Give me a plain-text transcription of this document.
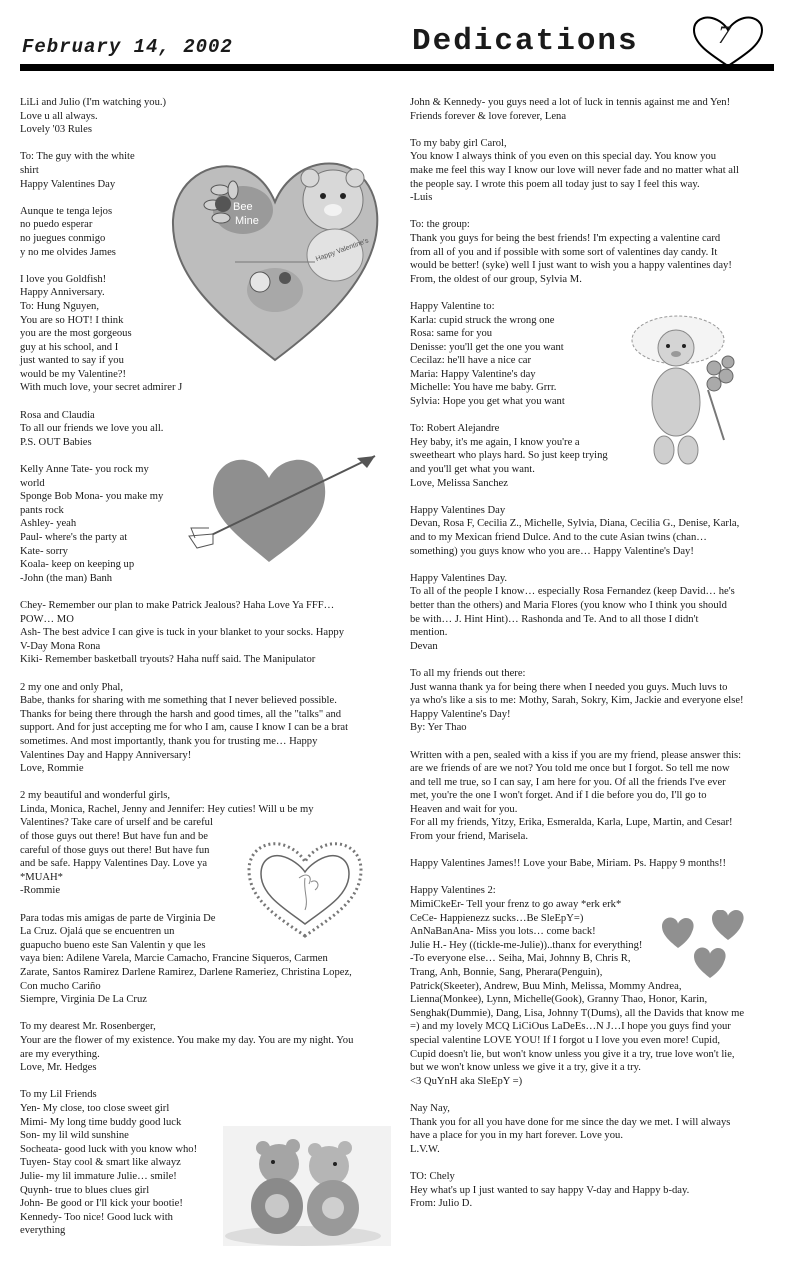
February 14, 2002	Dedications	7
LiLi and Julio (I'm watching you.)
Love u all always.
Lovely '03 Rules
To: The guy with the white
shirt
Happy Valentines Day
Aunque te tenga lejos
no puedo esperar
no juegues conmigo
y no me olvides James
I love you Goldfish!
Happy Anniversary.
To: Hung Nguyen,
You are so HOT! I think
you are the most gorgeous
guy at his school, and I
just wanted to say if you
would be my Valentine?!
With much love, your secret admirer J
Rosa and Claudia
To all our friends we love you all.
P.S. OUT Babies
Kelly Anne Tate- you rock my
world
Sponge Bob Mona- you make my
pants rock
Ashley- yeah
Paul- where's the party at
Kate- sorry
Koala- keep on keeping up
-John (the man) Banh
Chey- Remember our plan to make Patrick Jealous? Haha Love Ya FFF…
POW… MO
Ash- The best advice I can give is tuck in your blanket to your socks. Happy
V-Day Mona Rona
Kiki- Remember basketball tryouts? Haha nuff said. The Manipulator
2 my one and only Phal,
Babe, thanks for sharing with me something that I never believed possible.
Thanks for being there through the harsh and good times, all the "talks" and
support. And for just accepting me for who I am, cause I know I can be a brat
sometimes. And most importantly, thank you for trusting me… Happy
Valentines Day and Happy Anniversary!
Love, Rommie
2 my beautiful and wonderful girls,
Linda, Monica, Rachel, Jenny and Jennifer: Hey cuties! Will u be my
Valentines? Take care of urself and be careful
of those guys out there! But have fun and be
careful of those guys out there! But have fun
and be safe. Happy Valentines Day. Love ya
*MUAH*
-Rommie
Para todas mis amigas de parte de Virginia De
La Cruz. Ojalá que se encuentren un
guapucho bueno este San Valentin y que les
vaya bien: Adilene Varela, Marcie Camacho, Francine Siqueros, Carmen
Zarate, Santos Ramirez Darlene Ramirez, Darlene Rameriez, Christina Lopez,
Con mucho Cariño
Siempre, Virginia De La Cruz
To my dearest Mr. Rosenberger,
Your are the flower of my existence. You make my day. You are my night. You
are my everything.
Love, Mr. Hedges
To my Lil Friends
Yen- My close, too close sweet girl
Mimi- My long time buddy good luck
Son- my lil wild sunshine
Socheata- good luck with you know who!
Tuyen- Stay cool & smart like alwayz
Julie- my lil immature Julie… smile!
Quynh- true to blues clues girl
John- Be good or I'll kick your bootie!
Kennedy- Too nice! Good luck with
everything
John & Kennedy- you guys need a lot of luck in tennis against me and Yen!
Friends forever & love forever, Lena
To my baby girl Carol,
You know I always think of you even on this special day. You know you
make me feel this way I know our love will never fade and no matter what all
the people say. I wrote this poem all today just to say I feel this way.
-Luis
To: the group:
Thank you guys for being the best friends! I'm expecting a valentine card
from all of you and if possible with some sort of valentines day candy. It
would be better! (syke) well I just want to wish you a happy valentines day!
From, the oldest of our group, Sylvia M.
Happy Valentine to:
Karla: cupid struck the wrong one
Rosa: same for you
Denisse: you'll get the one you want
Cecilaz: he'll have a nice car
Maria: Happy Valentine's day
Michelle: You have me baby. Grrr.
Sylvia: Hope you get what you want
To: Robert Alejandre
Hey baby, it's me again, I know you're a
sweetheart who plays hard. So just keep trying
and you'll get what you want.
Love, Melissa Sanchez
Happy Valentines Day
Devan, Rosa F, Cecilia Z., Michelle, Sylvia, Diana, Cecilia G., Denise, Karla,
and to my Mexican friend Dulce. And to the cute Asian twins (chan…
something) you guys know who you are… Happy Valentine's Day!
Happy Valentines Day.
To all of the people I know… especially Rosa Fernandez (keep David… he's
better than the others) and Maria Flores (you know who I think you should
be with… J. Hint Hint)… Rashonda and Te. And to all those I didn't
mention.
Devan
To all my friends out there:
Just wanna thank ya for being there when I needed you guys. Much luvs to
ya who's like a sis to me: Mothy, Sarah, Sokry, Kim, Jackie and everyone else!
Happy Valentine's Day!
By: Yer Thao
Written with a pen, sealed with a kiss if you are my friend, please answer this:
are we friends of are we not? You told me once but I forgot. So tell me now
and tell me true, so I can say, I am here for you. Of all the friends I've ever
met, you're the one I won't forget. And if I die before you do, I'll go to
Heaven and wait for you.
For all my friends, Yitzy, Erika, Esmeralda, Karla, Lupe, Martin, and Cesar!
From your friend, Marisela.
Happy Valentines James!! Love your Babe, Miriam. Ps. Happy 9 months!!
Happy Valentines 2:
MimiCkeEr- Tell your frenz to go away *erk erk*
CeCe- Happienezz sucks…Be SleEpY=)
AnNaBanAna- Miss you lots… come back!
Julie H.- Hey ((tickle-me-Julie))..thanx for everything!
-To everyone else… Seiha, Mai, Johnny B, Chris R,
Trang, Anh, Bonnie, Sang, Pherara(Penguin),
Patrick(Skeeter), Andrew, Buu Minh, Melissa, Mommy Andrea,
Lienna(Monkee), Lynn, Michelle(Gook), Granny Thao, Honor, Karin,
Senghak(Dummie), Dang, Lisa, Johnny T(Dums), all the Davids that know me
=) and my lovely MCQ LiCiOus LaDeEs…N J…I hope you guys find your
special valentine LOVE YOU! If I forgot u I love you even more! Cupid,
Cupid doesn't lie, but won't know unless you give it a try, true love won't lie,
but we won't know unless we give it a try, give it a try.
<3 QuYnH aka SleEpY =)
Nay Nay,
Thank you for all you have done for me since the day we met. I will always
have a place for you in my hart forever. Love you.
L.V.W.
TO: Chely
Hey what's up I just wanted to say happy V-day and Happy b-day.
From: Julio D.
Bee
Mine
Happy Valentine's
